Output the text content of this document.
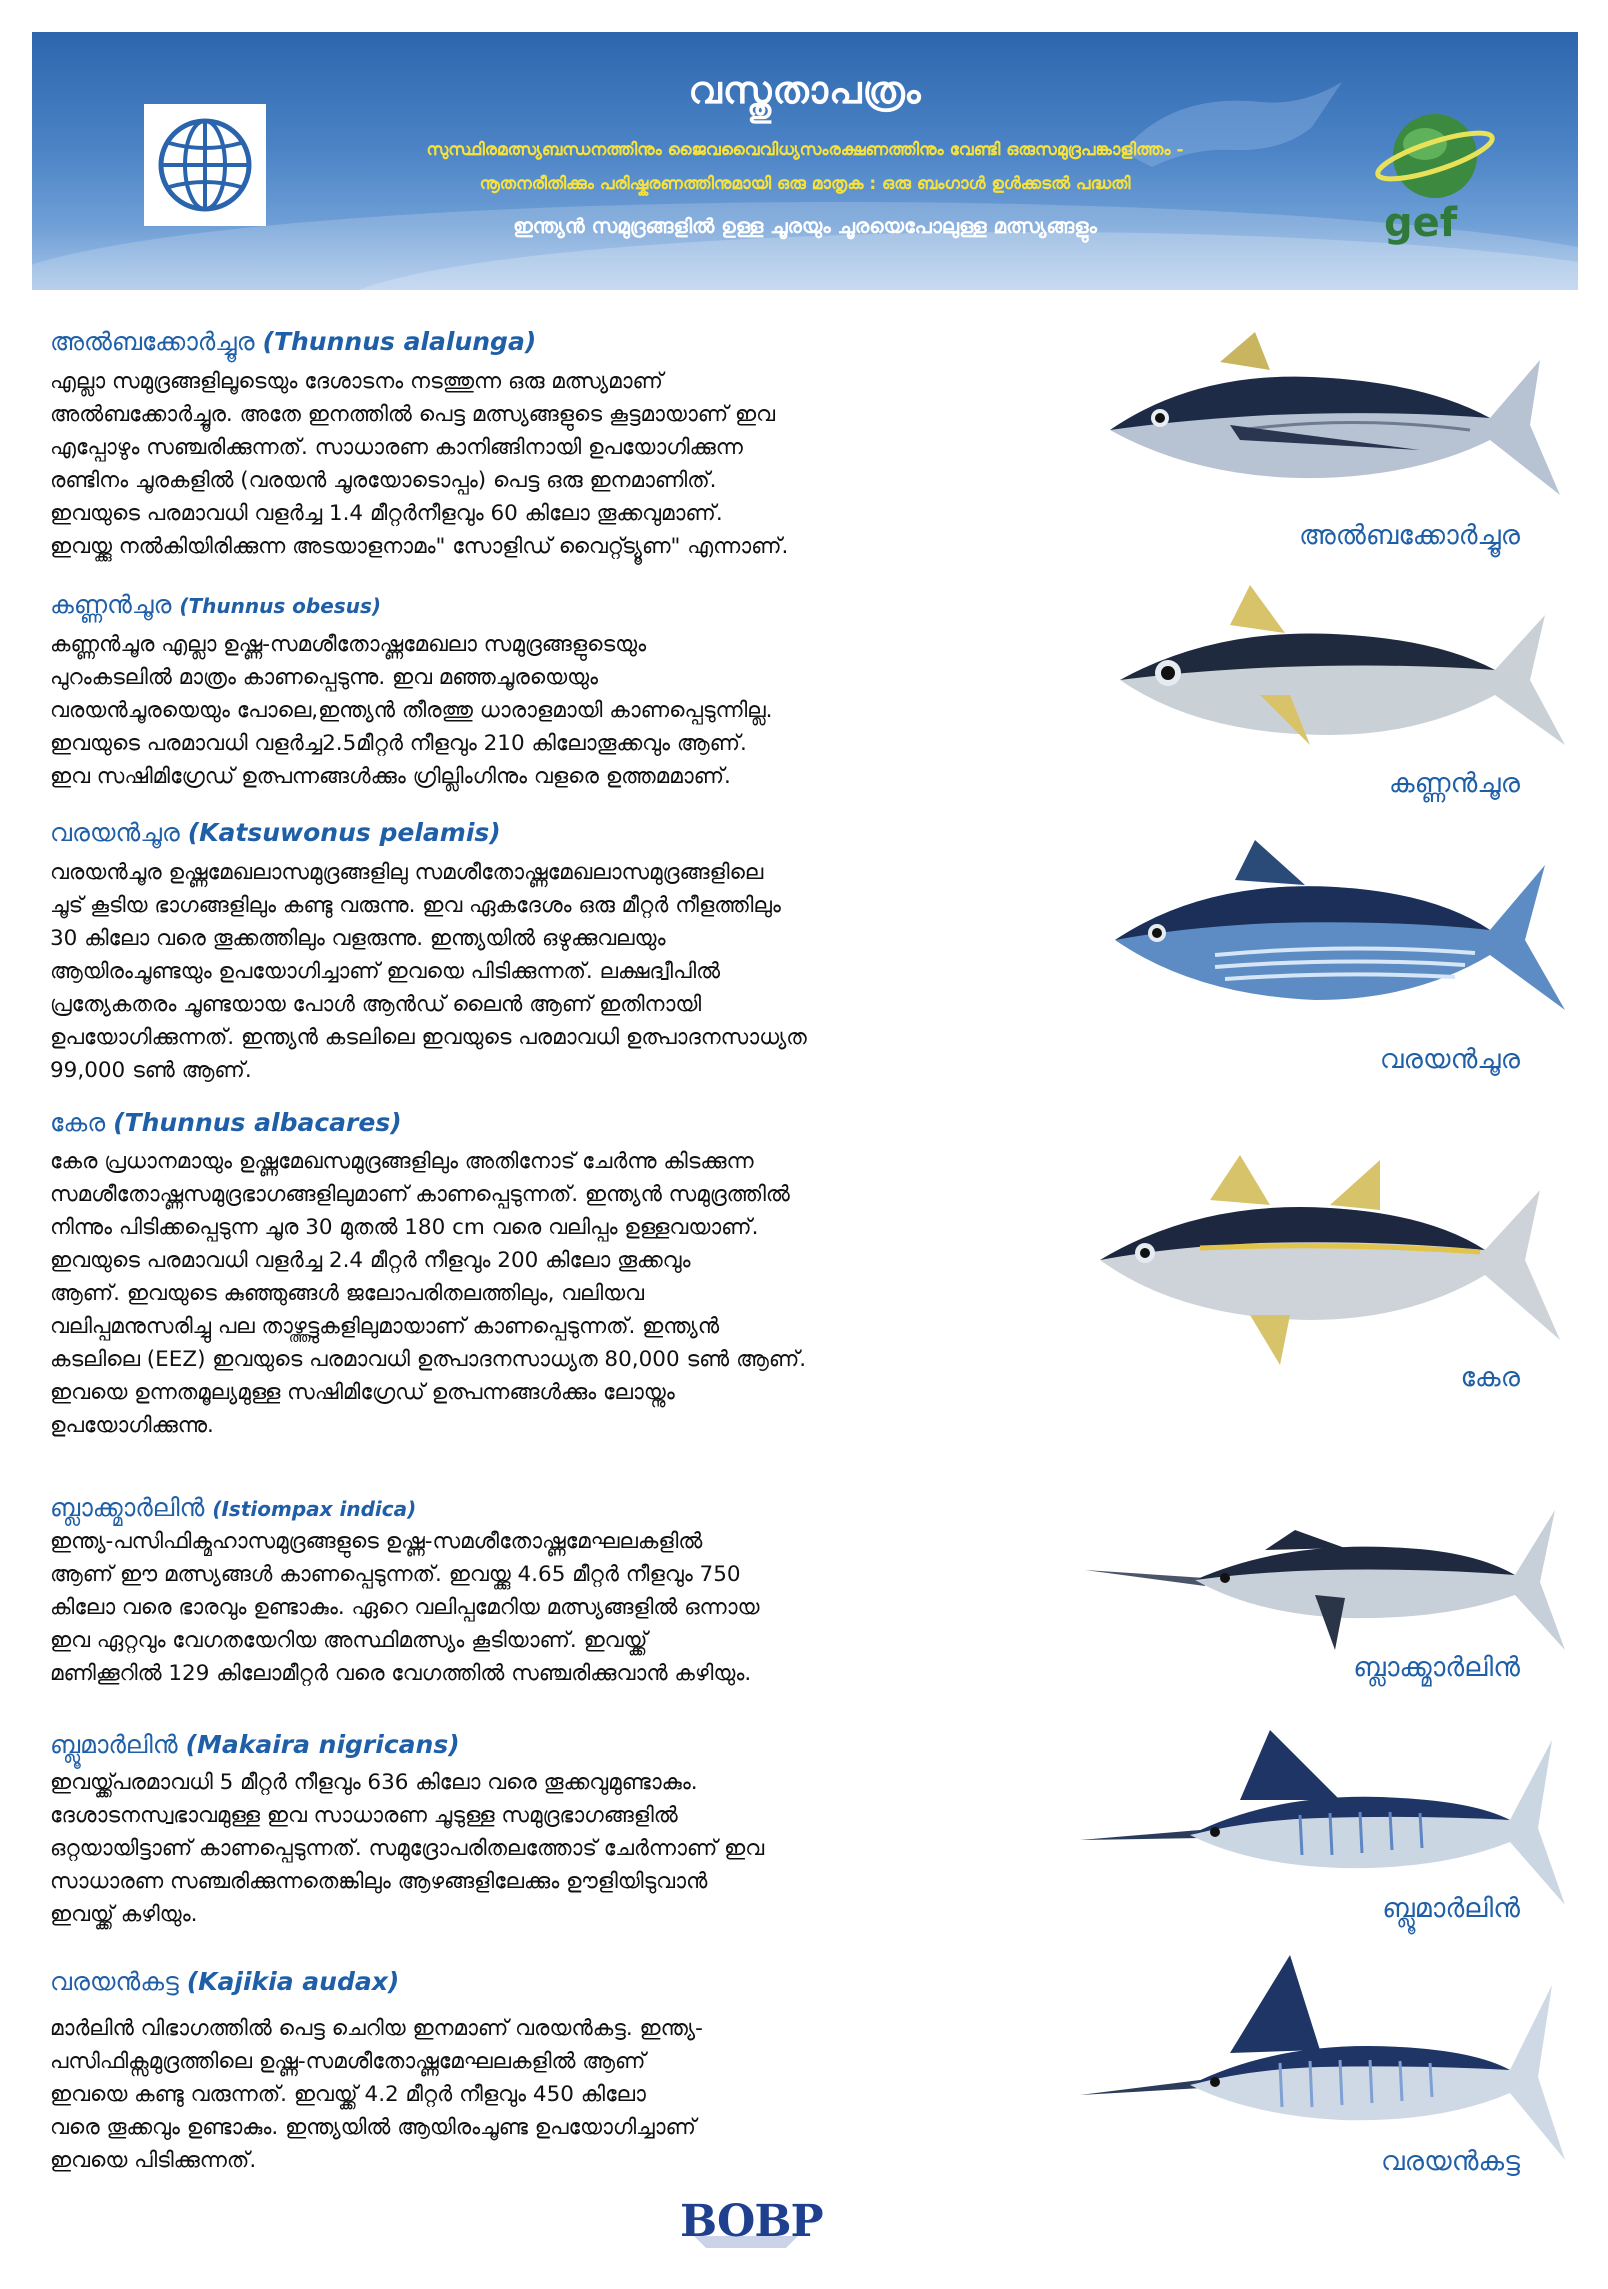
വസ്തുതാപത്രം
സുസ്ഥിരമത്സ്യബന്ധനത്തിനും ജൈവവൈവിധ്യസംരക്ഷണത്തിനും വേണ്ടി ഒരുസമുദ്രപങ്കാളിത്തം -
നൂതനരീതിക്കും പരിഷ്കരണത്തിനുമായി ഒരു മാതൃക : ഒരു ബംഗാൾ ഉൾക്കടൽ പദ്ധതി
ഇന്ത്യൻ സമുദ്രങ്ങളിൽ ഉള്ള ചൂരയും ചൂരയെപോലുള്ള മത്സ്യങ്ങളും	gef
അൽബക്കോർച്ചൂര (Thunnus alalunga)
എല്ലാ സമുദ്രങ്ങളിലൂടെയും ദേശാടനം നടത്തുന്ന ഒരു മത്സ്യമാണ്
അൽബക്കോർച്ചൂര. അതേ ഇനത്തിൽ പെട്ട മത്സ്യങ്ങളുടെ കൂട്ടമായാണ് ഇവ
എപ്പോഴും സഞ്ചരിക്കുന്നത്. സാധാരണ കാനിങ്ങിനായി ഉപയോഗിക്കുന്ന
രണ്ടിനം ചൂരകളിൽ (വരയൻ ചൂരയോടൊപ്പം) പെട്ട ഒരു ഇനമാണിത്.
ഇവയുടെ പരമാവധി വളർച്ച 1.4 മീറ്റർനീളവും 60 കിലോ തൂക്കവുമാണ്.
ഇവയ്ക്കു നൽകിയിരിക്കുന്ന അടയാളനാമം" സോളിഡ് വൈറ്റ്ട്യൂണ" എന്നാണ്.	അൽബക്കോർച്ചൂര
കണ്ണൻചൂര (Thunnus obesus)
കണ്ണൻചൂര എല്ലാ ഉഷ്ണ-സമശീതോഷ്ണമേഖലാ സമുദ്രങ്ങളുടെയും
പുറംകടലിൽ മാത്രം കാണപ്പെടുന്നു. ഇവ മഞ്ഞചൂരയെയും
വരയൻചൂരയെയും പോലെ,ഇന്ത്യൻ തീരത്തു ധാരാളമായി കാണപ്പെടുന്നില്ല.
ഇവയുടെ പരമാവധി വളർച്ച2.5മീറ്റർ നീളവും 210 കിലോതൂക്കവും ആണ്.
ഇവ സഷിമിഗ്രേഡ് ഉത്പന്നങ്ങൾക്കും ഗ്രില്ലിംഗിനും വളരെ ഉത്തമമാണ്.	കണ്ണൻചൂര
വരയൻചൂര (Katsuwonus pelamis)
വരയൻചൂര ഉഷ്ണമേഖലാസമുദ്രങ്ങളിലു സമശീതോഷ്ണമേഖലാസമുദ്രങ്ങളിലെ
ചൂട് കൂടിയ ഭാഗങ്ങളിലും കണ്ടു വരുന്നു. ഇവ ഏകദേശം ഒരു മീറ്റർ നീളത്തിലും
30 കിലോ വരെ തൂക്കത്തിലും വളരുന്നു. ഇന്ത്യയിൽ ഒഴുക്കുവലയും
ആയിരംചൂണ്ടയും ഉപയോഗിച്ചാണ് ഇവയെ പിടിക്കുന്നത്. ലക്ഷദ്വീപിൽ
പ്രത്യേകതരം ചൂണ്ടയായ പോൾ ആൻഡ് ലൈൻ ആണ് ഇതിനായി
ഉപയോഗിക്കുന്നത്. ഇന്ത്യൻ കടലിലെ ഇവയുടെ പരമാവധി ഉത്പാദനസാധ്യത
99,000 ടൺ ആണ്.	വരയൻചൂര
കേര (Thunnus albacares)
കേര പ്രധാനമായും ഉഷ്ണമേഖസമുദ്രങ്ങളിലും അതിനോട് ചേർന്നു കിടക്കുന്ന
സമശീതോഷ്ണസമുദ്രഭാഗങ്ങളിലുമാണ് കാണപ്പെടുന്നത്. ഇന്ത്യൻ സമുദ്രത്തിൽ
നിന്നും പിടിക്കപ്പെടുന്ന ചൂര 30 മുതൽ 180 cm വരെ വലിപ്പം ഉള്ളവയാണ്.
ഇവയുടെ പരമാവധി വളർച്ച 2.4 മീറ്റർ നീളവും 200 കിലോ തൂക്കവും
ആണ്. ഇവയുടെ കുഞ്ഞുങ്ങൾ ജലോപരിതലത്തിലും, വലിയവ
വലിപ്പമനുസരിച്ചു പല താഴ്ത്തട്ടുകളിലുമായാണ് കാണപ്പെടുന്നത്. ഇന്ത്യൻ
കടലിലെ (EEZ) ഇവയുടെ പരമാവധി ഉത്പാദനസാധ്യത 80,000 ടൺ ആണ്.
ഇവയെ ഉന്നതമൂല്യമുള്ള സഷിമിഗ്രേഡ് ഉത്പന്നങ്ങൾക്കും ലോയ്നും
ഉപയോഗിക്കുന്നു.
കേര
ബ്ലാക്ക്മാർലിൻ (Istiompax indica)
ഇന്ത്യ-പസിഫിക്മഹാസമുദ്രങ്ങളുടെ ഉഷ്ണ-സമശീതോഷ്ണമേഘലകളിൽ
ആണ് ഈ മത്സ്യങ്ങൾ കാണപ്പെടുന്നത്. ഇവയ്ക്കു 4.65 മീറ്റർ നീളവും 750
കിലോ വരെ ഭാരവും ഉണ്ടാകും. ഏറെ വലിപ്പമേറിയ മത്സ്യങ്ങളിൽ ഒന്നായ
ഇവ ഏറ്റവും വേഗതയേറിയ അസ്ഥിമത്സ്യം കൂടിയാണ്. ഇവയ്ക്ക്
മണിക്കൂറിൽ 129 കിലോമീറ്റർ വരെ വേഗത്തിൽ സഞ്ചരിക്കുവാൻ കഴിയും.	ബ്ലാക്ക്മാർലിൻ
ബ്ലൂമാർലിൻ (Makaira nigricans)
ഇവയ്ക്ക്പരമാവധി 5 മീറ്റർ നീളവും 636 കിലോ വരെ തൂക്കവുമുണ്ടാകും.
ദേശാടനസ്വഭാവമുള്ള ഇവ സാധാരണ ചൂടുള്ള സമുദ്രഭാഗങ്ങളിൽ
ഒറ്റയായിട്ടാണ് കാണപ്പെടുന്നത്. സമുദ്രോപരിതലത്തോട് ചേർന്നാണ് ഇവ
സാധാരണ സഞ്ചരിക്കുന്നതെങ്കിലും ആഴങ്ങളിലേക്കും ഊളിയിടുവാൻ
ഇവയ്ക്ക് കഴിയും.	ബ്ലൂമാർലിൻ
വരയൻകട്ട (Kajikia audax)
മാർലിൻ വിഭാഗത്തിൽ പെട്ട ചെറിയ ഇനമാണ് വരയൻകട്ട. ഇന്ത്യ-
പസിഫിക്സമുദ്രത്തിലെ ഉഷ്ണ-സമശീതോഷ്ണമേഘലകളിൽ ആണ്
ഇവയെ കണ്ടു വരുന്നത്. ഇവയ്ക്ക് 4.2 മീറ്റർ നീളവും 450 കിലോ
വരെ തൂക്കവും ഉണ്ടാകും. ഇന്ത്യയിൽ ആയിരംചൂണ്ട ഉപയോഗിച്ചാണ്
ഇവയെ പിടിക്കുന്നത്.	വരയൻകട്ട
BOBP
